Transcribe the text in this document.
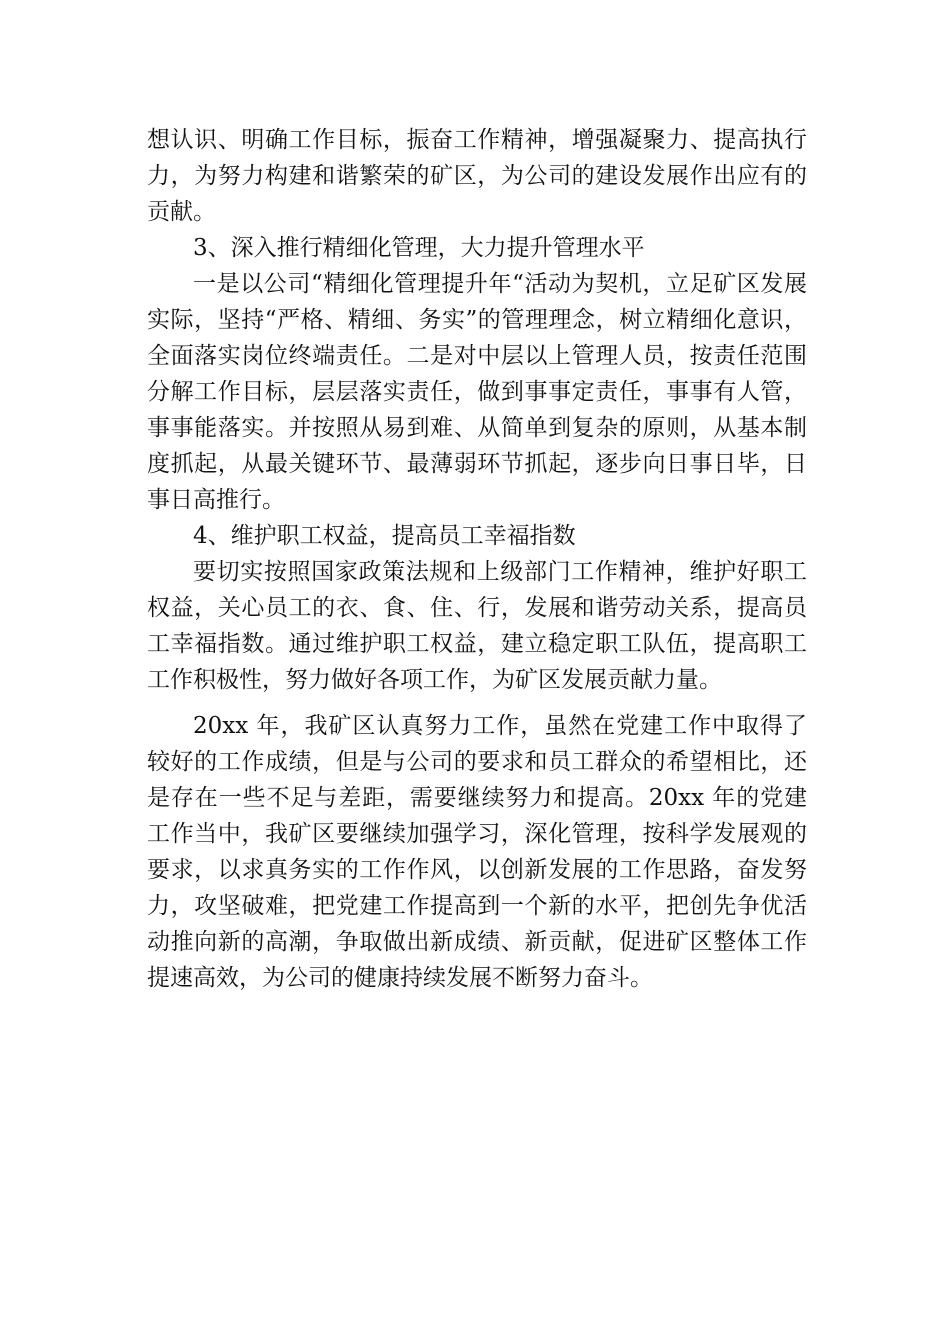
想认识、明确工作目标，振奋工作精神，增强凝聚力、提高执行力，为努力构建和谐繁荣的矿区，为公司的建设发展作出应有的贡献。

3、深入推行精细化管理，大力提升管理水平

一是以公司“精细化管理提升年“活动为契机，立足矿区发展实际，坚持“严格、精细、务实”的管理理念，树立精细化意识，全面落实岗位终端责任。二是对中层以上管理人员，按责任范围分解工作目标，层层落实责任，做到事事定责任，事事有人管，事事能落实。并按照从易到难、从简单到复杂的原则，从基本制度抓起，从最关键环节、最薄弱环节抓起，逐步向日事日毕，日事日高推行。

4、维护职工权益，提高员工幸福指数

要切实按照国家政策法规和上级部门工作精神，维护好职工权益，关心员工的衣、食、住、行，发展和谐劳动关系，提高员工幸福指数。通过维护职工权益，建立稳定职工队伍，提高职工工作积极性，努力做好各项工作，为矿区发展贡献力量。

20xx 年，我矿区认真努力工作，虽然在党建工作中取得了较好的工作成绩，但是与公司的要求和员工群众的希望相比，还是存在一些不足与差距，需要继续努力和提高。20xx 年的党建工作当中，我矿区要继续加强学习，深化管理，按科学发展观的要求，以求真务实的工作作风，以创新发展的工作思路，奋发努力，攻坚破难，把党建工作提高到一个新的水平，把创先争优活动推向新的高潮，争取做出新成绩、新贡献，促进矿区整体工作提速高效，为公司的健康持续发展不断努力奋斗。
